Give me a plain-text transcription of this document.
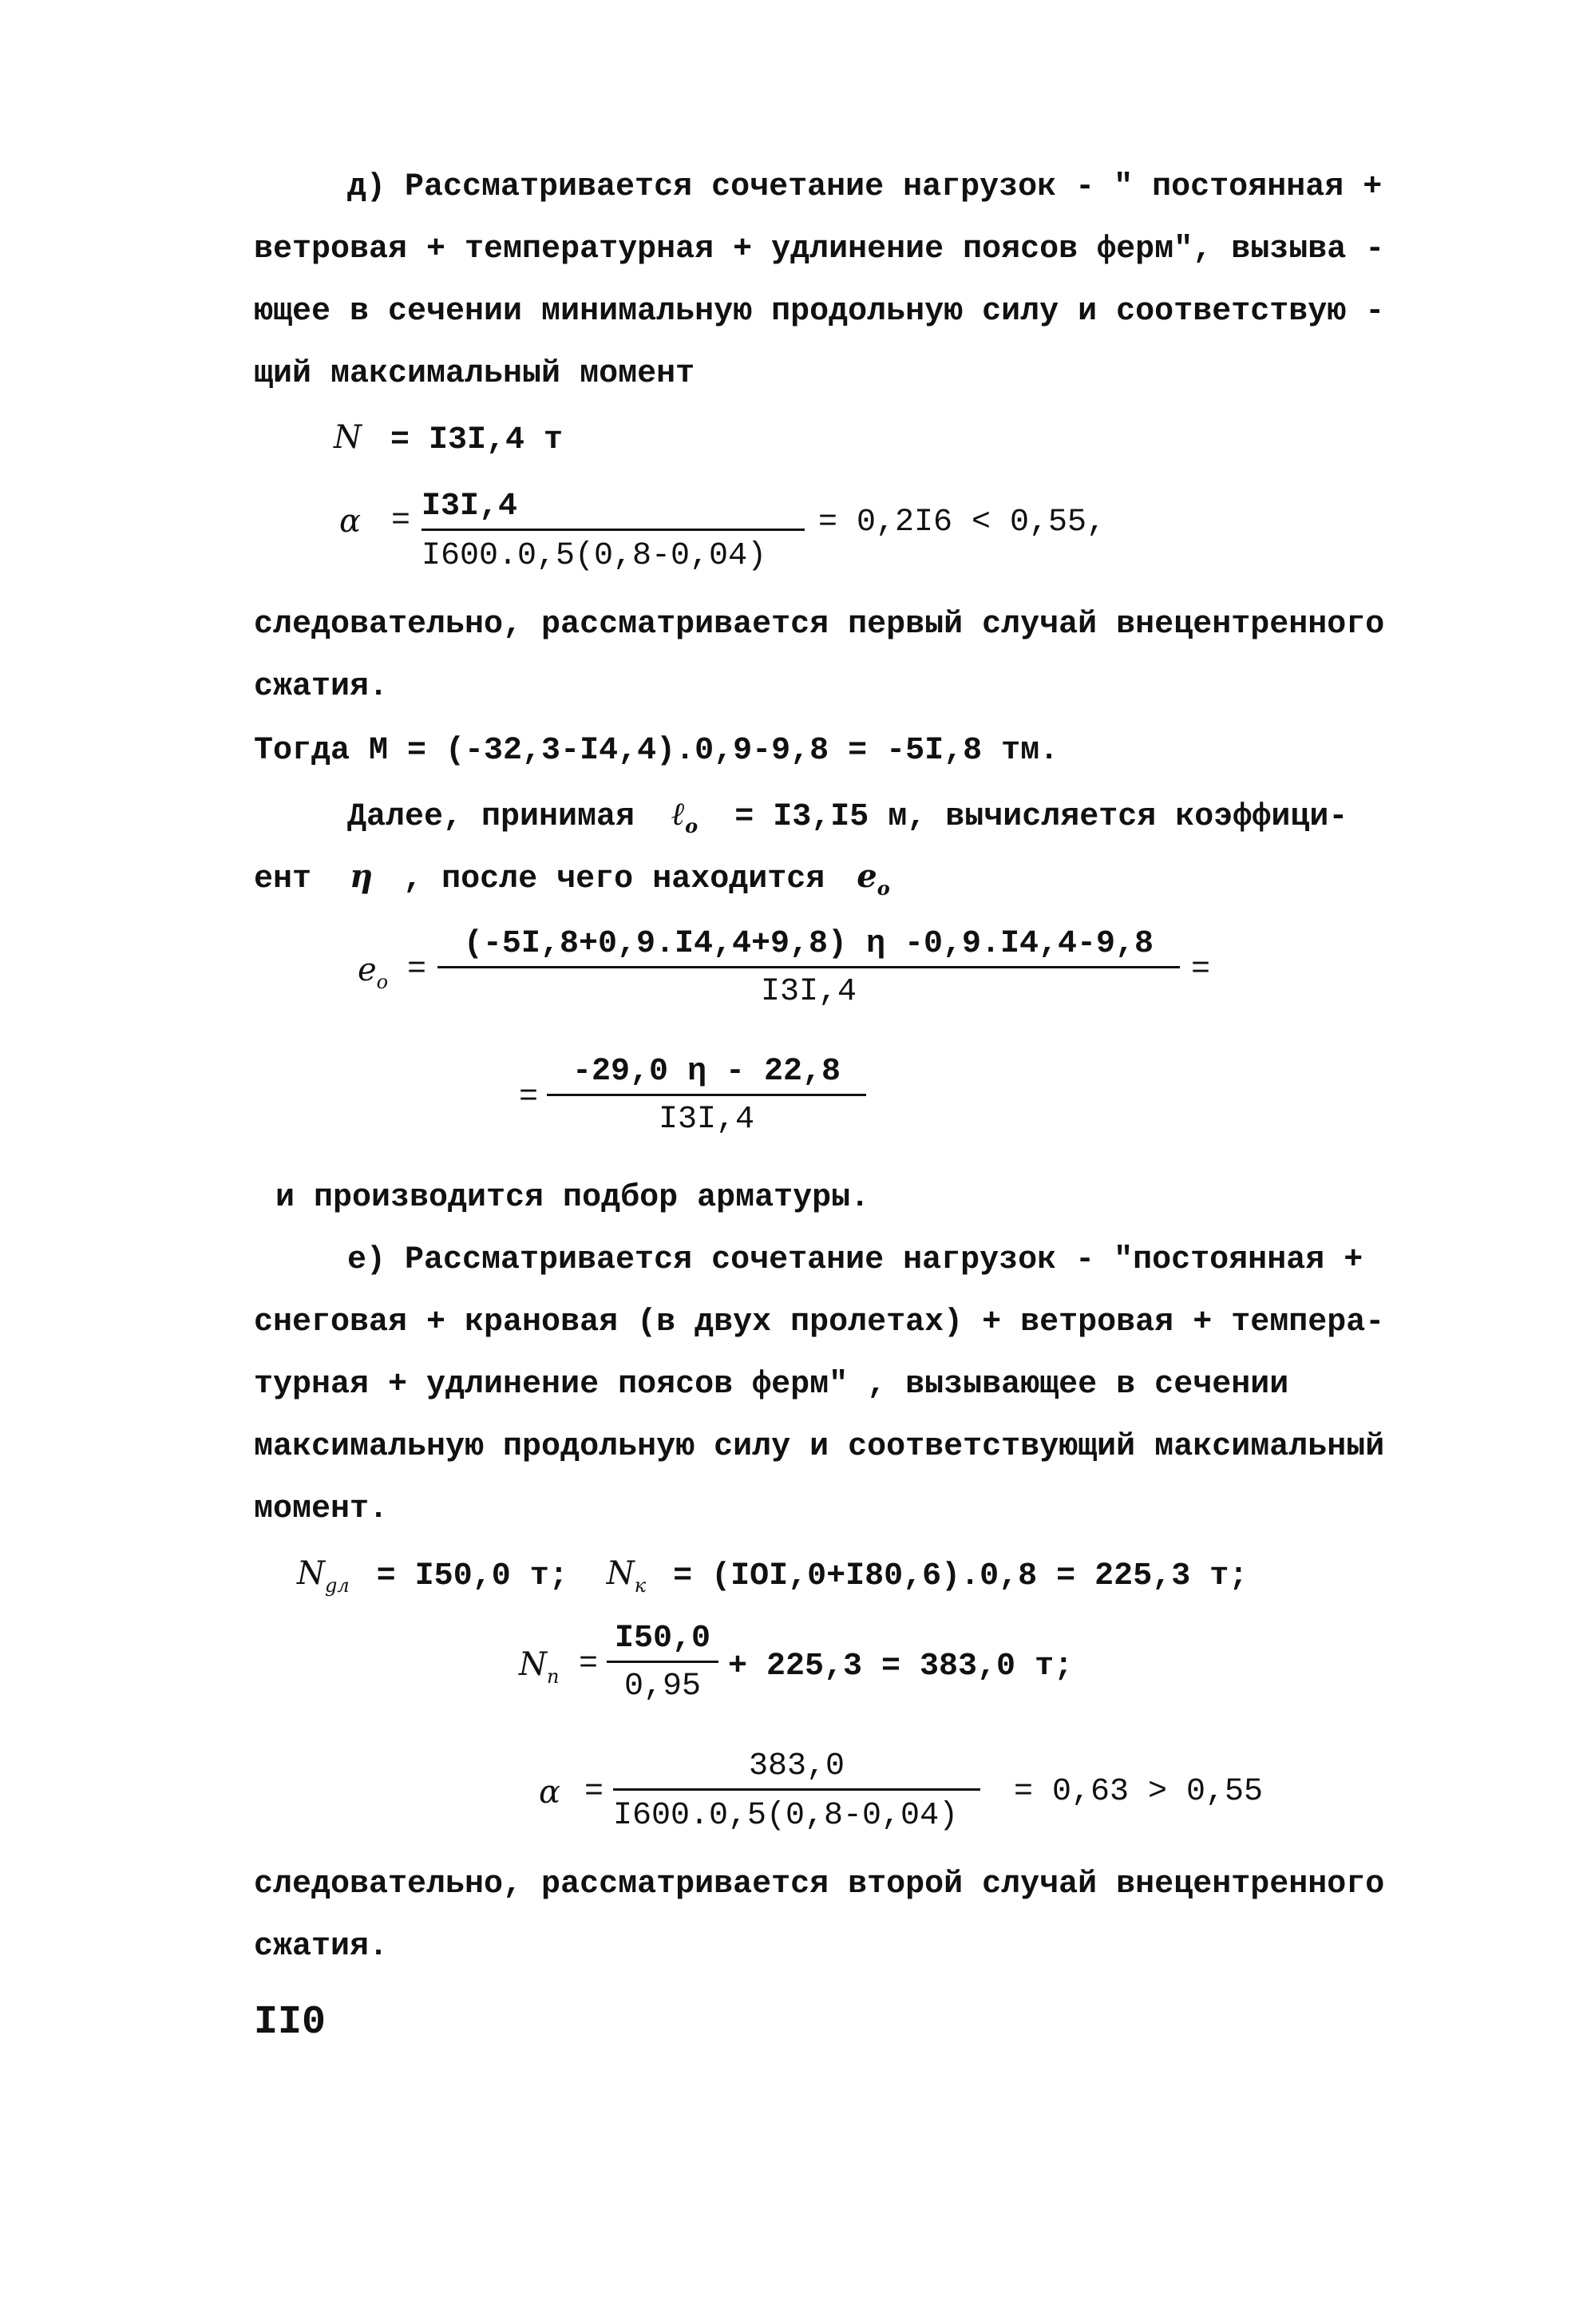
д) Рассматривается сочетание нагрузок - " постоянная +
ветровая + температурная + удлинение поясов ферм", вызыва -
ющее в сечении минимальную продольную силу и соответствую -
щий максимальный момент
N = I3I,4 т
α = I3I,4
I600.0,5(0,8-0,04)
= 0,2I6 < 0,55,
следовательно, рассматривается первый случай внецентренного
сжатия.
Тогда М = (-32,3-I4,4).0,9-9,8 = -5I,8 тм.
Далее, принимая ℓ$_o$ = I3,I5 м, вычисляется коэффици-
ент η , после чего находится $e_o$
$e_o$ =
(-5I,8+0,9.I4,4+9,8) η -0,9.I4,4-9,8
I3I,4
=
=
-29,0 η - 22,8
I3I,4
и производится подбор арматуры.
е) Рассматривается сочетание нагрузок - "постоянная +
снеговая + крановая (в двух пролетах) + ветровая + темпера-
турная + удлинение поясов ферм" , вызывающее в сечении
максимальную продольную силу и соответствующий максимальный
момент.
$N_{gл} = I50,0$ т; $N_к = (IOI,0+I80,6).0,8 = 225,3$ т;
$N_п$ =
I50,0
0,95
+ 225,3 = 383,0 т;
α =
383,0
I600.0,5(0,8-0,04)
= 0,63 > 0,55
следовательно, рассматривается второй случай внецентренного
сжатия.
II0
